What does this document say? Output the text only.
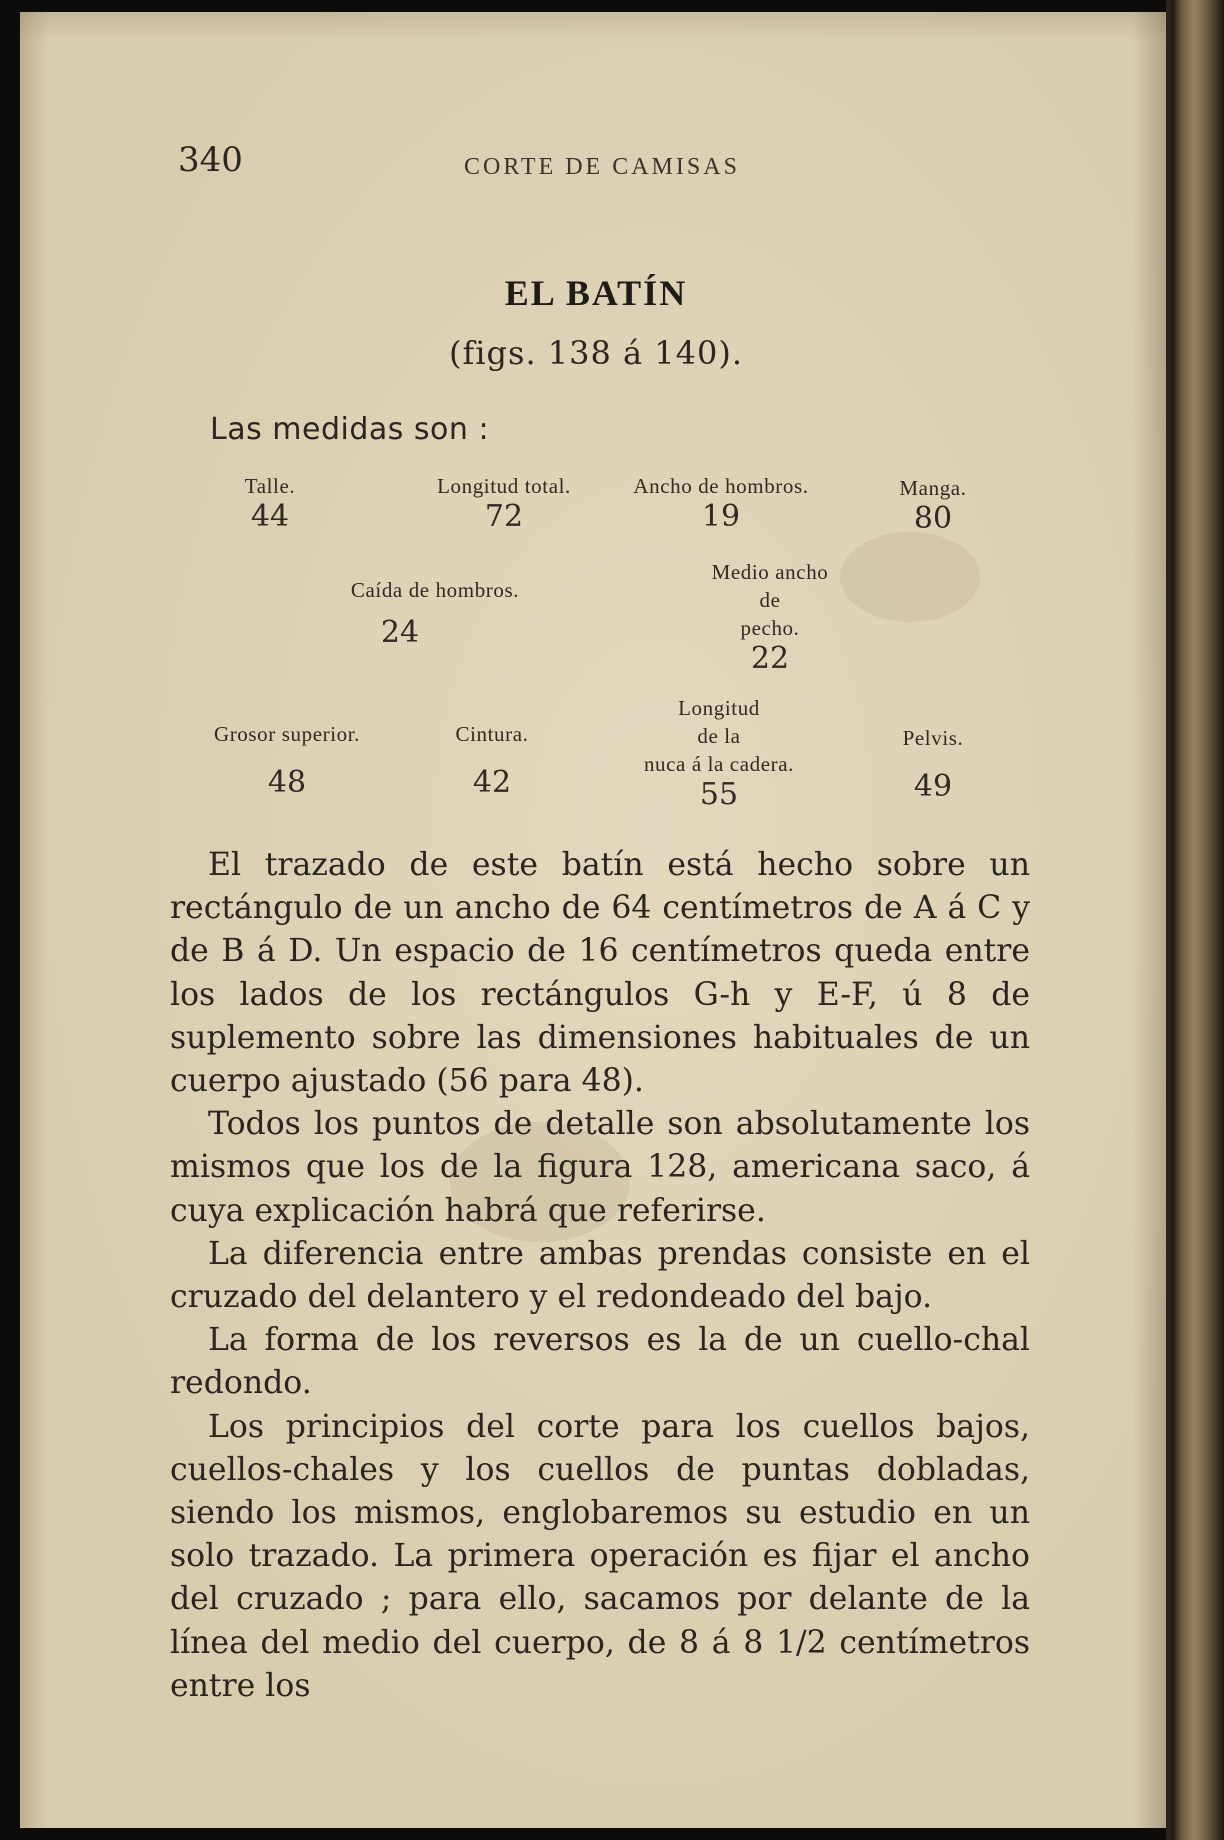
340	CORTE DE CAMISAS
EL BATÍN
(figs. 138 á 140).
Las medidas son :
Talle.
44
Longitud total.
72
Ancho de hombros.
19
Manga.
80
Caída de hombros.
24
Medio ancho
de
pecho.
22
Grosor superior.
48
Cintura.
42
Longitud
de la
nuca á la cadera.
55
Pelvis.
49

El trazado de este batín está hecho sobre un rectángulo de un ancho de 64 centímetros de A á C y de B á D. Un espacio de 16 centímetros queda entre los lados de los rectángulos G-h y E-F, ú 8 de suplemento sobre las dimensiones habituales de un cuerpo ajustado (56 para 48).

Todos los puntos de detalle son absolutamente los mismos que los de la figura 128, americana saco, á cuya explicación habrá que referirse.

La diferencia entre ambas prendas consiste en el cruzado del delantero y el redondeado del bajo.

La forma de los reversos es la de un cuello-chal redondo.

Los principios del corte para los cuellos bajos, cuellos-chales y los cuellos de puntas dobladas, siendo los mismos, englobaremos su estudio en un solo trazado. La primera operación es fijar el ancho del cruzado ; para ello, sacamos por delante de la línea del medio del cuerpo, de 8 á 8 1/2 centímetros entre los
